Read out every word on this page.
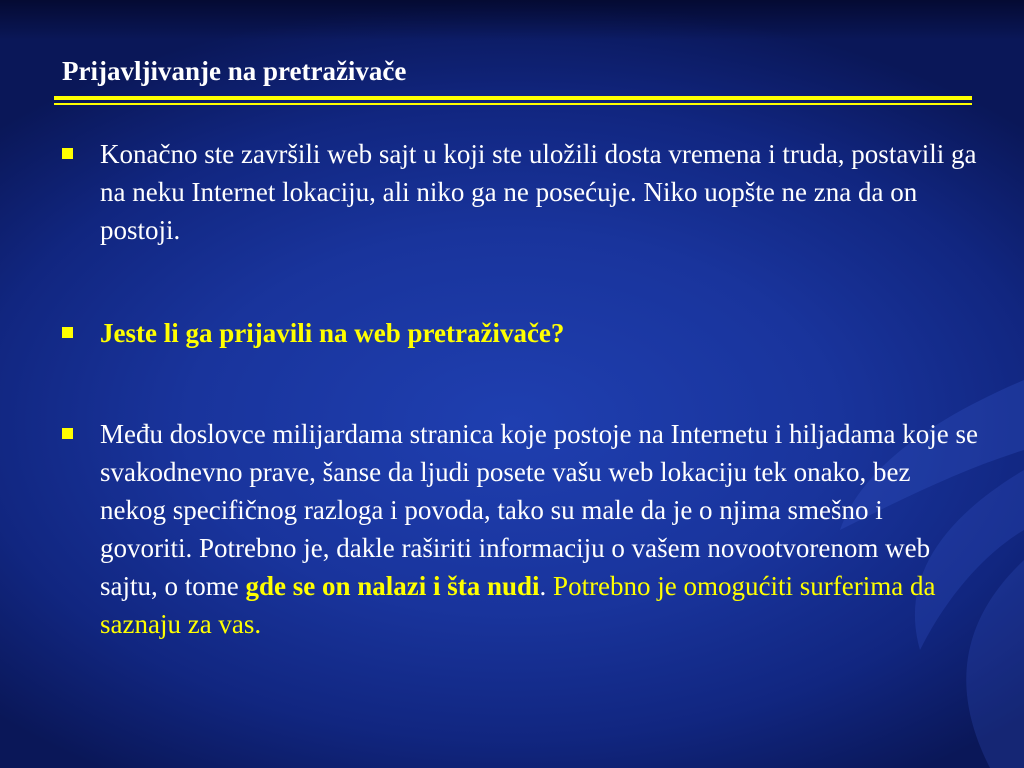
Prijavljivanje na pretraživače
Konačno ste završili web sajt u koji ste uložili dosta vremena i truda, postavili ga na neku Internet lokaciju, ali niko ga ne posećuje. Niko uopšte ne zna da on postoji.
Jeste li ga prijavili na web pretraživače?
Među doslovce milijardama stranica koje postoje na Internetu i hiljadama koje se svakodnevno prave, šanse da ljudi posete vašu web lokaciju tek onako, bez nekog specifičnog razloga i povoda, tako su male da je o njima smešno i govoriti. Potrebno je, dakle raširiti informaciju o vašem novootvorenom web sajtu, o tome gde se on nalazi i šta nudi. Potrebno je omogućiti surferima da saznaju za vas.
